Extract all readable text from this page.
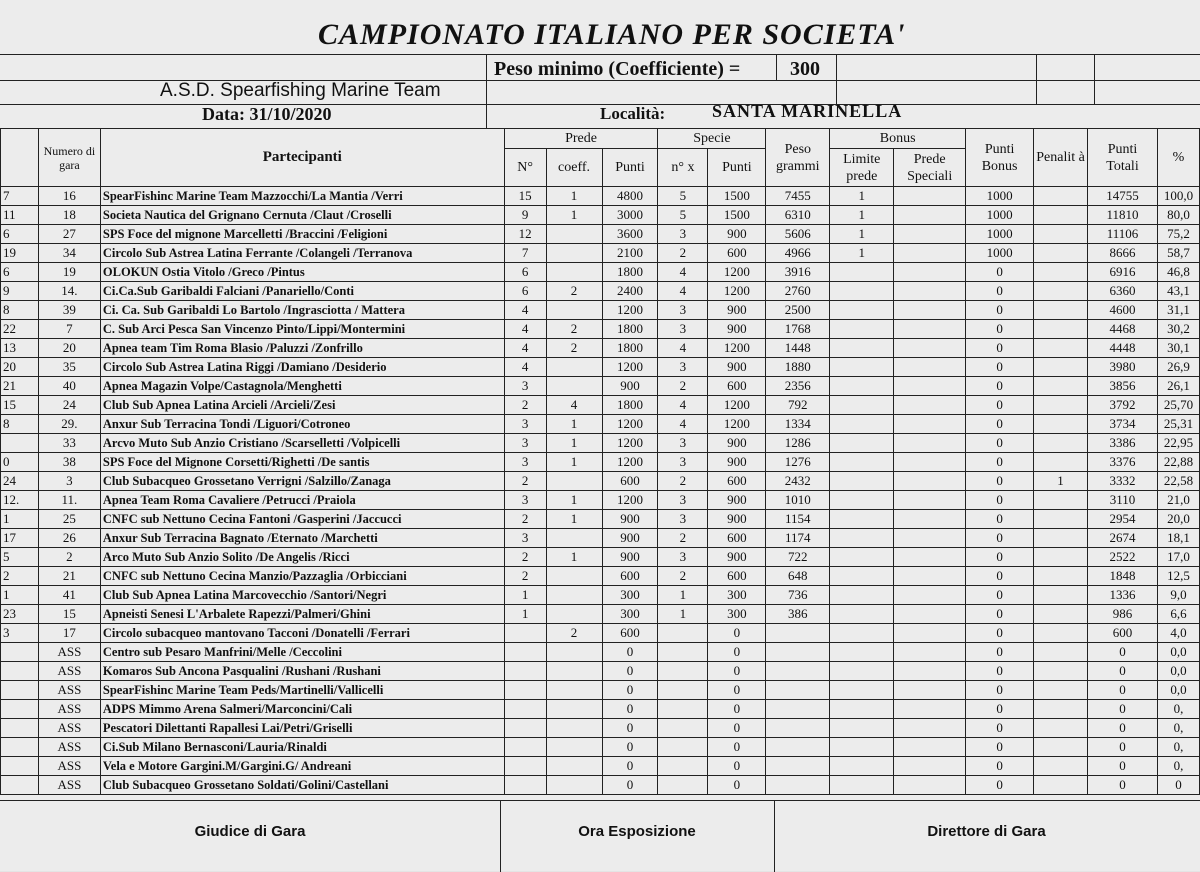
CAMPIONATO ITALIANO PER SOCIETA'
Peso minimo (Coefficiente) = 300
A.S.D. Spearfishing Marine Team
Data: 31/10/2020	Località:	SANTA MARINELLA
	Numero di gara	Partecipanti	Prede			Specie		Peso grammi	Bonus		Punti Bonus	Penalit à	Punti Totali	%
			N°	coeff.	Punti	n° x	Punti		Limite prede	Prede Speciali				
7	16	SpearFishinc Marine Team Mazzocchi/La Mantia /Verri	15	1	4800	5	1500	7455	1		1000		14755	100,0
11	18	Societa Nautica del Grignano Cernuta /Claut /Croselli	9	1	3000	5	1500	6310	1		1000		11810	80,0
6	27	SPS Foce del mignone Marcelletti /Braccini /Feligioni	12		3600	3	900	5606	1		1000		11106	75,2
19	34	Circolo Sub Astrea Latina Ferrante /Colangeli /Terranova	7		2100	2	600	4966	1		1000		8666	58,7
6	19	OLOKUN Ostia Vitolo /Greco /Pintus	6		1800	4	1200	3916			0		6916	46,8
9	14.	Ci.Ca.Sub Garibaldi Falciani /Panariello/Conti	6	2	2400	4	1200	2760			0		6360	43,1
8	39	Ci. Ca. Sub Garibaldi Lo Bartolo /Ingrasciotta / Mattera	4		1200	3	900	2500			0		4600	31,1
22	7	C. Sub Arci Pesca San Vincenzo Pinto/Lippi/Montermini	4	2	1800	3	900	1768			0		4468	30,2
13	20	Apnea team Tim Roma Blasio /Paluzzi /Zonfrillo	4	2	1800	4	1200	1448			0		4448	30,1
20	35	Circolo Sub Astrea Latina Riggi /Damiano /Desiderio	4		1200	3	900	1880			0		3980	26,9
21	40	Apnea Magazin Volpe/Castagnola/Menghetti	3		900	2	600	2356			0		3856	26,1
15	24	Club Sub Apnea Latina Arcieli /Arcieli/Zesi	2	4	1800	4	1200	792			0		3792	25,70
8	29.	Anxur Sub Terracina Tondi /Liguori/Cotroneo	3	1	1200	4	1200	1334			0		3734	25,31
	33	Arcvo Muto Sub Anzio Cristiano /Scarselletti /Volpicelli	3	1	1200	3	900	1286			0		3386	22,95
0	38	SPS Foce del Mignone Corsetti/Righetti /De santis	3	1	1200	3	900	1276			0		3376	22,88
24	3	Club Subacqueo Grossetano Verrigni /Salzillo/Zanaga	2		600	2	600	2432			0	1	3332	22,58
12.	11.	Apnea Team Roma Cavaliere /Petrucci /Praiola	3	1	1200	3	900	1010			0		3110	21,0
1	25	CNFC sub Nettuno Cecina Fantoni /Gasperini /Jaccucci	2	1	900	3	900	1154			0		2954	20,0
17	26	Anxur Sub Terracina Bagnato /Eternato /Marchetti	3		900	2	600	1174			0		2674	18,1
5	2	Arco Muto Sub Anzio Solito /De Angelis /Ricci	2	1	900	3	900	722			0		2522	17,0
2	21	CNFC sub Nettuno Cecina Manzio/Pazzaglia /Orbicciani	2		600	2	600	648			0		1848	12,5
1	41	Club Sub Apnea Latina Marcovecchio /Santori/Negri	1		300	1	300	736			0		1336	9,0
23	15	Apneisti Senesi L'Arbalete Rapezzi/Palmeri/Ghini	1		300	1	300	386			0		986	6,6
3	17	Circolo subacqueo mantovano Tacconi /Donatelli /Ferrari		2	600		0				0		600	4,0
	ASS	Centro sub Pesaro Manfrini/Melle /Ceccolini			0		0				0		0	0,0
	ASS	Komaros Sub Ancona Pasqualini /Rushani /Rushani			0		0				0		0	0,0
	ASS	SpearFishinc Marine Team Peds/Martinelli/Vallicelli			0		0				0		0	0,0
	ASS	ADPS Mimmo Arena Salmeri/Marconcini/Cali			0		0				0		0	0,
	ASS	Pescatori Dilettanti Rapallesi Lai/Petri/Griselli			0		0				0		0	0,
	ASS	Ci.Sub Milano Bernasconi/Lauria/Rinaldi			0		0				0		0	0,
	ASS	Vela e Motore Gargini.M/Gargini.G/ Andreani			0		0				0		0	0,
	ASS	Club Subacqueo Grossetano Soldati/Golini/Castellani			0		0				0		0	0
Giudice di Gara	Ora Esposizione	Direttore di Gara
